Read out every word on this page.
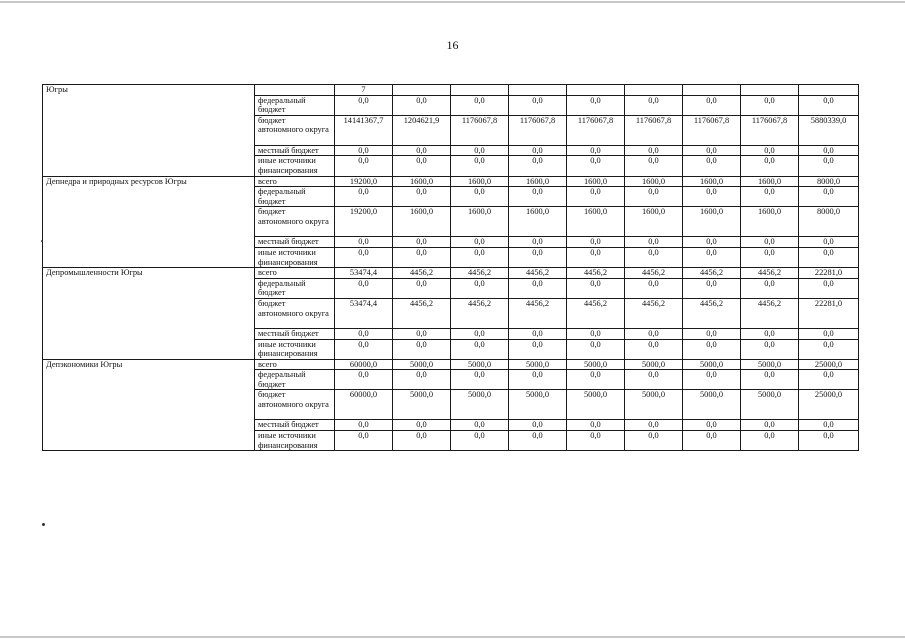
16
Югры		7								
	федеральный бюджет	0,0	0,0	0,0	0,0	0,0	0,0	0,0	0,0	0,0
	бюджет автономного округа	14141367,7	1204621,9	1176067,8	1176067,8	1176067,8	1176067,8	1176067,8	1176067,8	5880339,0
	местный бюджет	0,0	0,0	0,0	0,0	0,0	0,0	0,0	0,0	0,0
	иные источники финансирования	0,0	0,0	0,0	0,0	0,0	0,0	0,0	0,0	0,0
Депнедра и природных ресурсов Югры	всего	19200,0	1600,0	1600,0	1600,0	1600,0	1600,0	1600,0	1600,0	8000,0
	федеральный бюджет	0,0	0,0	0,0	0,0	0,0	0,0	0,0	0,0	0,0
	бюджет автономного округа	19200,0	1600,0	1600,0	1600,0	1600,0	1600,0	1600,0	1600,0	8000,0
	местный бюджет	0,0	0,0	0,0	0,0	0,0	0,0	0,0	0,0	0,0
	иные источники финансирования	0,0	0,0	0,0	0,0	0,0	0,0	0,0	0,0	0,0
Депромышленности Югры	всего	53474,4	4456,2	4456,2	4456,2	4456,2	4456,2	4456,2	4456,2	22281,0
	федеральный бюджет	0,0	0,0	0,0	0,0	0,0	0,0	0,0	0,0	0,0
	бюджет автономного округа	53474,4	4456,2	4456,2	4456,2	4456,2	4456,2	4456,2	4456,2	22281,0
	местный бюджет	0,0	0,0	0,0	0,0	0,0	0,0	0,0	0,0	0,0
	иные источники финансирования	0,0	0,0	0,0	0,0	0,0	0,0	0,0	0,0	0,0
Депэкономики Югры	всего	60000,0	5000,0	5000,0	5000,0	5000,0	5000,0	5000,0	5000,0	25000,0
	федеральный бюджет	0,0	0,0	0,0	0,0	0,0	0,0	0,0	0,0	0,0
	бюджет автономного округа	60000,0	5000,0	5000,0	5000,0	5000,0	5000,0	5000,0	5000,0	25000,0
	местный бюджет	0,0	0,0	0,0	0,0	0,0	0,0	0,0	0,0	0,0
	иные источники финансирования	0,0	0,0	0,0	0,0	0,0	0,0	0,0	0,0	0,0
